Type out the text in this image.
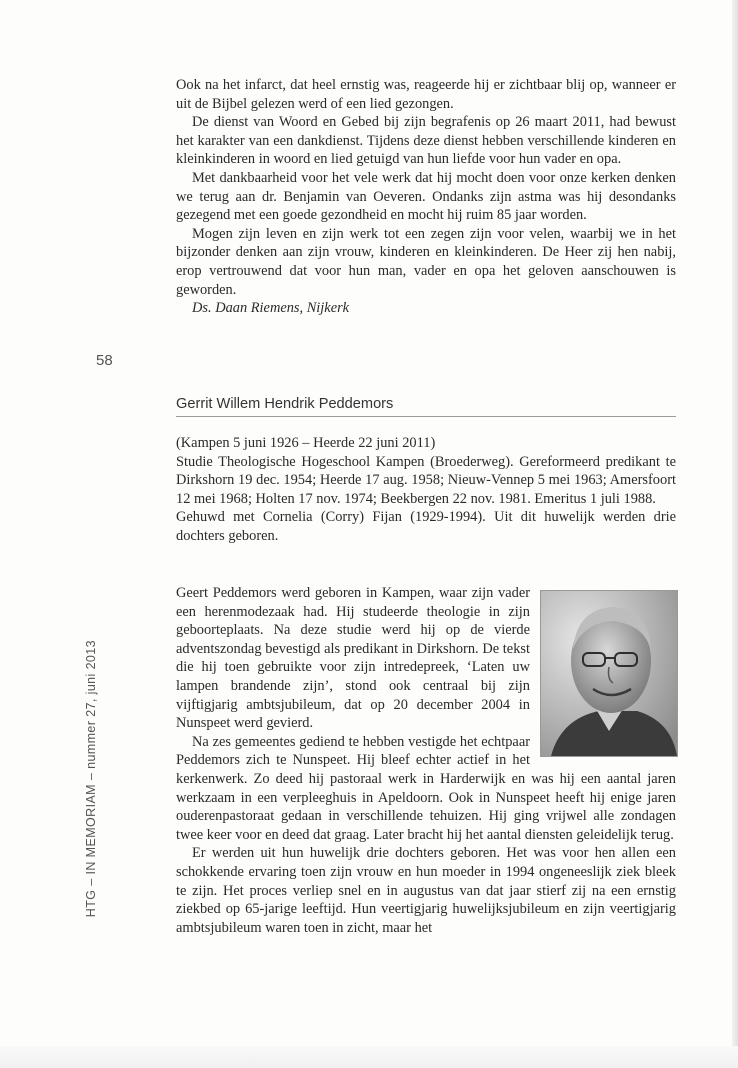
58
HTG – IN MEMORIAM – nummer 27, juni 2013

Ook na het infarct, dat heel ernstig was, reageerde hij er zichtbaar blij op, wanneer er uit de Bijbel gelezen werd of een lied gezongen.

De dienst van Woord en Gebed bij zijn begrafenis op 26 maart 2011, had bewust het karakter van een dankdienst. Tijdens deze dienst hebben verschillende kinderen en kleinkinderen in woord en lied getuigd van hun liefde voor hun vader en opa.

Met dankbaarheid voor het vele werk dat hij mocht doen voor onze kerken denken we terug aan dr. Benjamin van Oeveren. Ondanks zijn astma was hij desondanks gezegend met een goede gezondheid en mocht hij ruim 85 jaar worden.

Mogen zijn leven en zijn werk tot een zegen zijn voor velen, waarbij we in het bijzonder denken aan zijn vrouw, kinderen en kleinkinderen. De Heer zij hen nabij, erop vertrouwend dat voor hun man, vader en opa het geloven aanschouwen is geworden.

Ds. Daan Riemens, Nijkerk

Gerrit Willem Hendrik Peddemors

(Kampen 5 juni 1926 – Heerde 22 juni 2011)

Studie Theologische Hogeschool Kampen (Broederweg). Gereformeerd predikant te Dirkshorn 19 dec. 1954; Heerde 17 aug. 1958; Nieuw-Vennep 5 mei 1963; Amersfoort 12 mei 1968; Holten 17 nov. 1974; Beekbergen 22 nov. 1981. Emeritus 1 juli 1988.

Gehuwd met Cornelia (Corry) Fijan (1929-1994). Uit dit huwelijk werden drie dochters geboren.

Geert Peddemors werd geboren in Kampen, waar zijn vader een herenmodezaak had. Hij studeerde theologie in zijn geboorteplaats. Na deze studie werd hij op de vierde adventszondag bevestigd als predikant in Dirkshorn. De tekst die hij toen gebruikte voor zijn intredepreek, ‘Laten uw lampen brandende zijn’, stond ook centraal bij zijn vijftigjarig ambtsjubileum, dat op 20 december 2004 in Nunspeet werd gevierd.

Na zes gemeentes gediend te hebben vestigde het echtpaar Peddemors zich te Nunspeet. Hij bleef echter actief in het kerkenwerk. Zo deed hij pastoraal werk in Harderwijk en was hij een aantal jaren werkzaam in een verpleeghuis in Apeldoorn. Ook in Nunspeet heeft hij enige jaren ouderenpastoraat gedaan in verschillende tehuizen. Hij ging vrijwel alle zondagen twee keer voor en deed dat graag. Later bracht hij het aantal diensten geleidelijk terug.

Er werden uit hun huwelijk drie dochters geboren. Het was voor hen allen een schokkende ervaring toen zijn vrouw en hun moeder in 1994 ongeneeslijk ziek bleek te zijn. Het proces verliep snel en in augustus van dat jaar stierf zij na een ernstig ziekbed op 65-jarige leeftijd. Hun veertigjarig huwelijksjubileum en zijn veertigjarig ambtsjubileum waren toen in zicht, maar het
